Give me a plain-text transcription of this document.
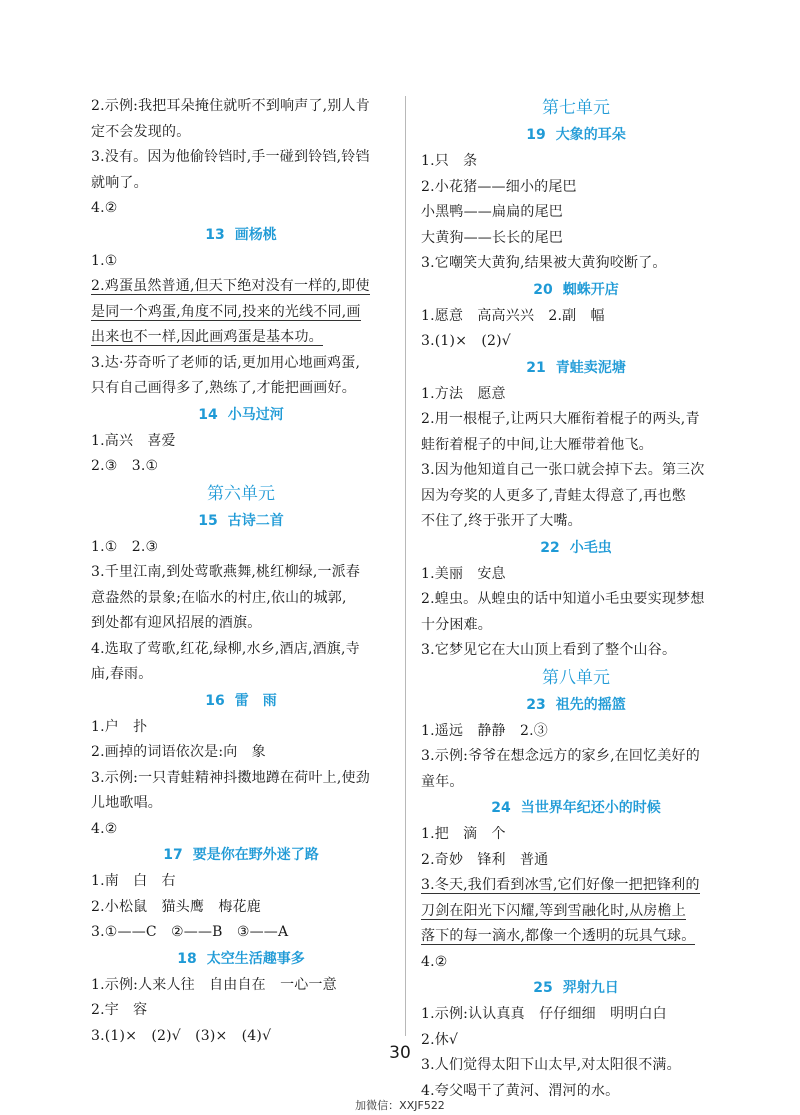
2.示例:我把耳朵掩住就听不到响声了,别人肯
定不会发现的。
3.没有。因为他偷铃铛时,手一碰到铃铛,铃铛
就响了。
4.②
13 画杨桃
1.①
2.鸡蛋虽然普通,但天下绝对没有一样的,即使
是同一个鸡蛋,角度不同,投来的光线不同,画
出来也不一样,因此画鸡蛋是基本功。
3.达·芬奇听了老师的话,更加用心地画鸡蛋,
只有自己画得多了,熟练了,才能把画画好。
14 小马过河
1.高兴　喜爱
2.③　3.①
第六单元
15 古诗二首
1.①　2.③
3.千里江南,到处莺歌燕舞,桃红柳绿,一派春
意盎然的景象;在临水的村庄,依山的城郭,
到处都有迎风招展的酒旗。
4.选取了莺歌,红花,绿柳,水乡,酒店,酒旗,寺
庙,春雨。
16 雷　雨
1.户　扑
2.画掉的词语依次是:向　象
3.示例:一只青蛙精神抖擞地蹲在荷叶上,使劲
儿地歌唱。
4.②
17 要是你在野外迷了路
1.南　白　右
2.小松鼠　猫头鹰　梅花鹿
3.①——C　②——B　③——A
18 太空生活趣事多
1.示例:人来人往　自由自在　一心一意
2.宇　容
3.(1)×　(2)√　(3)×　(4)√
第七单元
19 大象的耳朵
1.只　条
2.小花猪——细小的尾巴
小黑鸭——扁扁的尾巴
大黄狗——长长的尾巴
3.它嘲笑大黄狗,结果被大黄狗咬断了。
20 蜘蛛开店
1.愿意　高高兴兴　2.副　幅
3.(1)×　(2)√
21 青蛙卖泥塘
1.方法　愿意
2.用一根棍子,让两只大雁衔着棍子的两头,青
蛙衔着棍子的中间,让大雁带着他飞。
3.因为他知道自己一张口就会掉下去。第三次
因为夸奖的人更多了,青蛙太得意了,再也憋
不住了,终于张开了大嘴。
22 小毛虫
1.美丽　安息
2.蝗虫。从蝗虫的话中知道小毛虫要实现梦想
十分困难。
3.它梦见它在大山顶上看到了整个山谷。
第八单元
23 祖先的摇篮
1.遥远　静静　2.③
3.示例:爷爷在想念远方的家乡,在回忆美好的
童年。
24 当世界年纪还小的时候
1.把　滴　个
2.奇妙　锋利　普通
3.冬天,我们看到冰雪,它们好像一把把锋利的
刀剑在阳光下闪耀,等到雪融化时,从房檐上
落下的每一滴水,都像一个透明的玩具气球。
4.②
25 羿射九日
1.示例:认认真真　仔仔细细　明明白白
2.休√
3.人们觉得太阳下山太早,对太阳很不满。
4.夸父喝干了黄河、渭河的水。
30
加微信：XXJF522
